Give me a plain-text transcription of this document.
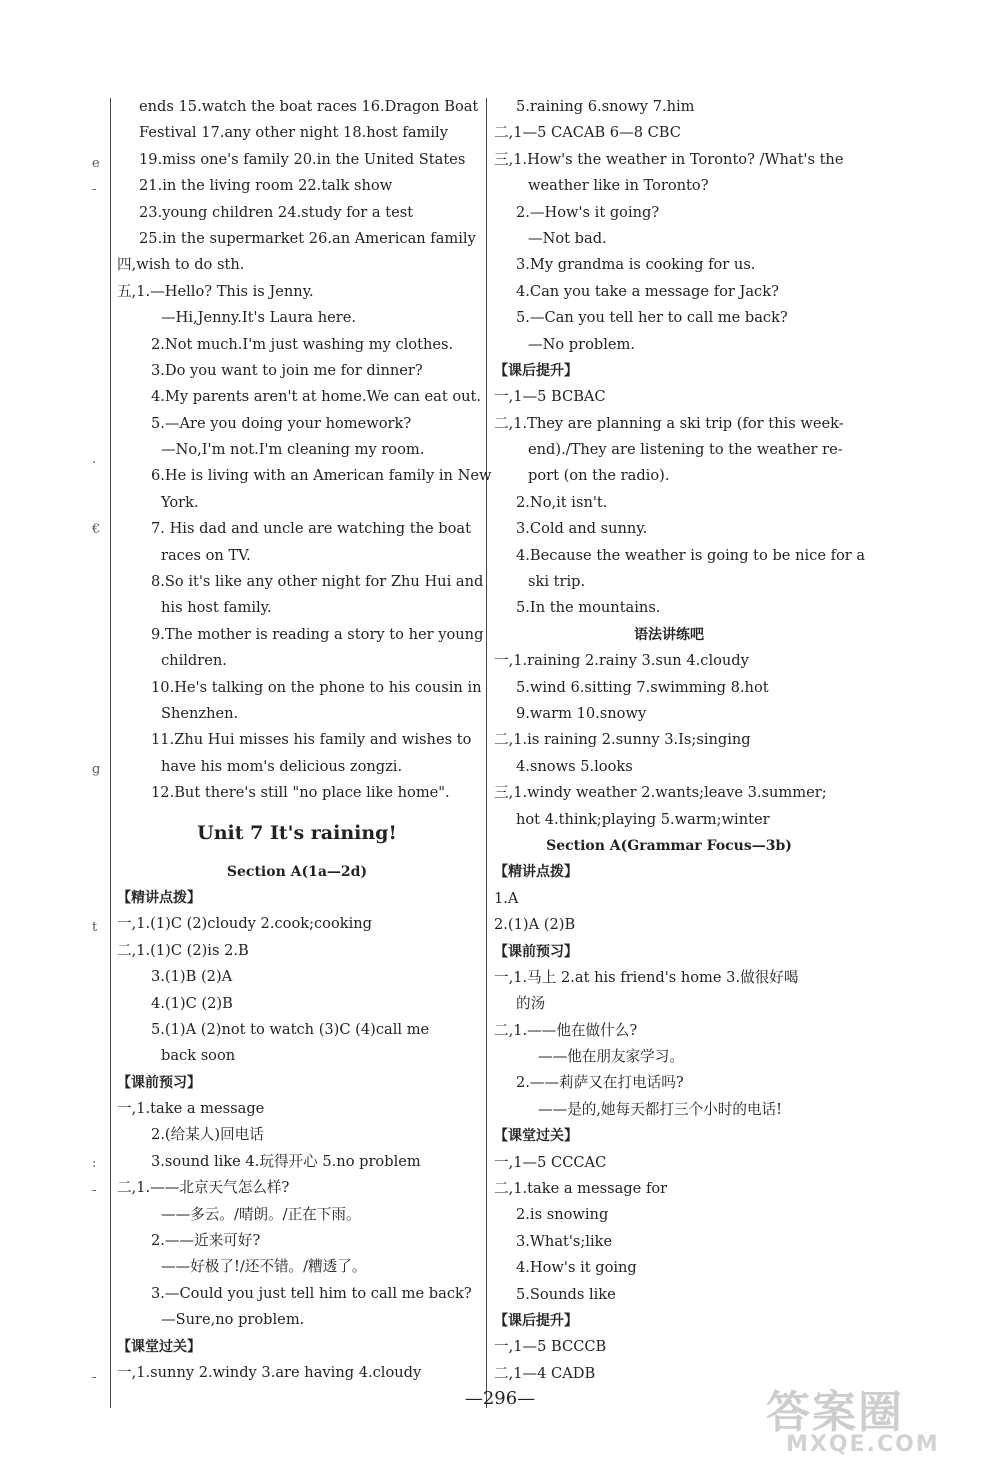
e
-
.
€
g
t
:
-
-
ends 15.watch the boat races 16.Dragon Boat
Festival 17.any other night 18.host family
19.miss one's family 20.in the United States
21.in the living room 22.talk show
23.young children 24.study for a test
25.in the supermarket 26.an American family
四,wish to do sth.
五,1.—Hello? This is Jenny.
—Hi,Jenny.It's Laura here.
2.Not much.I'm just washing my clothes.
3.Do you want to join me for dinner?
4.My parents aren't at home.We can eat out.
5.—Are you doing your homework?
—No,I'm not.I'm cleaning my room.
6.He is living with an American family in New
York.
7. His dad and uncle are watching the boat
races on TV.
8.So it's like any other night for Zhu Hui and
his host family.
9.The mother is reading a story to her young
children.
10.He's talking on the phone to his cousin in
Shenzhen.
11.Zhu Hui misses his family and wishes to
have his mom's delicious zongzi.
12.But there's still "no place like home".
Unit 7 It's raining!
Section A(1a—2d)
【精讲点拨】
一,1.(1)C (2)cloudy 2.cook;cooking
二,1.(1)C (2)is 2.B
3.(1)B (2)A
4.(1)C (2)B
5.(1)A (2)not to watch (3)C (4)call me
back soon
【课前预习】
一,1.take a message
2.(给某人)回电话
3.sound like 4.玩得开心 5.no problem
二,1.——北京天气怎么样?
——多云。/晴朗。/正在下雨。
2.——近来可好?
——好极了!/还不错。/糟透了。
3.—Could you just tell him to call me back?
—Sure,no problem.
【课堂过关】
一,1.sunny 2.windy 3.are having 4.cloudy
5.raining 6.snowy 7.him
二,1—5 CACAB 6—8 CBC
三,1.How's the weather in Toronto? /What's the
weather like in Toronto?
2.—How's it going?
—Not bad.
3.My grandma is cooking for us.
4.Can you take a message for Jack?
5.—Can you tell her to call me back?
—No problem.
【课后提升】
一,1—5 BCBAC
二,1.They are planning a ski trip (for this week-
end)./They are listening to the weather re-
port (on the radio).
2.No,it isn't.
3.Cold and sunny.
4.Because the weather is going to be nice for a
ski trip.
5.In the mountains.
语法讲练吧
一,1.raining 2.rainy 3.sun 4.cloudy
5.wind 6.sitting 7.swimming 8.hot
9.warm 10.snowy
二,1.is raining 2.sunny 3.Is;singing
4.snows 5.looks
三,1.windy weather 2.wants;leave 3.summer;
hot 4.think;playing 5.warm;winter
Section A(Grammar Focus—3b)
【精讲点拨】
1.A
2.(1)A (2)B
【课前预习】
一,1.马上 2.at his friend's home 3.做很好喝
的汤
二,1.——他在做什么?
——他在朋友家学习。
2.——莉萨又在打电话吗?
——是的,她每天都打三个小时的电话!
【课堂过关】
一,1—5 CCCAC
二,1.take a message for
2.is snowing
3.What's;like
4.How's it going
5.Sounds like
【课后提升】
一,1—5 BCCCB
二,1—4 CADB
—296—	答案圈
MXQE.COM
